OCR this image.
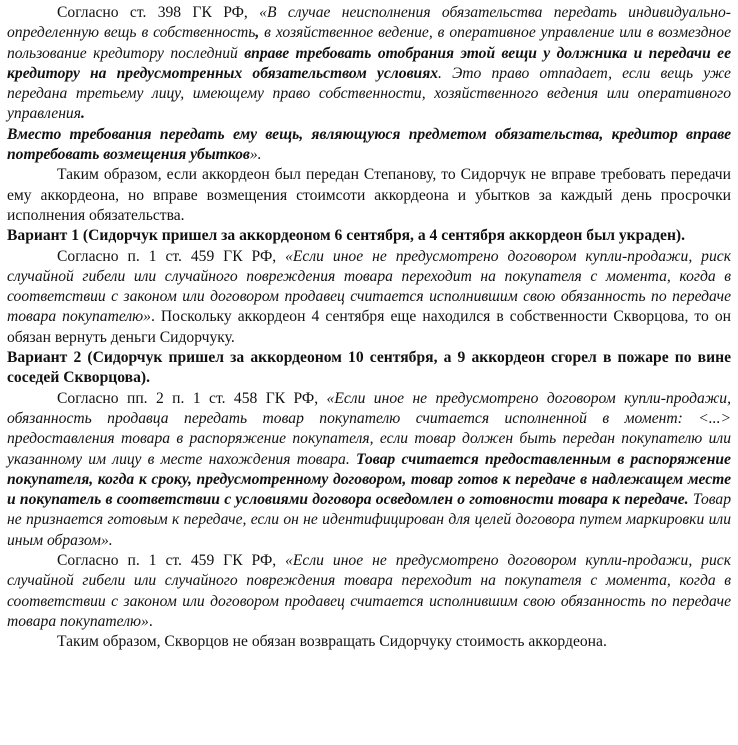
Согласно ст. 398 ГК РФ, «В случае неисполнения обязательства передать индивидуально-определенную вещь в собственность, в хозяйственное ведение, в оперативное управление или в возмездное пользование кредитору последний вправе требовать отобрания этой вещи у должника и передачи ее кредитору на предусмотренных обязательством условиях. Это право отпадает, если вещь уже передана третьему лицу, имеющему право собственности, хозяйственного ведения или оперативного управления.

Вместо требования передать ему вещь, являющуюся предметом обязательства, кредитор вправе потребовать возмещения убытков».

Таким образом, если аккордеон был передан Степанову, то Сидорчук не вправе требовать передачи ему аккордеона, но вправе возмещения стоимсоти аккордеона и убытков за каждый день просрочки исполнения обязательства.

Вариант 1 (Сидорчук пришел за аккордеоном 6 сентября, а 4 сентября аккордеон был украден).

Согласно п. 1 ст. 459 ГК РФ, «Если иное не предусмотрено договором купли-продажи, риск случайной гибели или случайного повреждения товара переходит на покупателя с момента, когда в соответствии с законом или договором продавец считается исполнившим свою обязанность по передаче товара покупателю». Поскольку аккордеон 4 сентября еще находился в собственности Скворцова, то он обязан вернуть деньги Сидорчуку.

Вариант 2 (Сидорчук пришел за аккордеоном 10 сентября, а 9 аккордеон сгорел в пожаре по вине соседей Скворцова).

Согласно пп. 2 п. 1 ст. 458 ГК РФ, «Если иное не предусмотрено договором купли-продажи, обязанность продавца передать товар покупателю считается исполненной в момент: <...> предоставления товара в распоряжение покупателя, если товар должен быть передан покупателю или указанному им лицу в месте нахождения товара. Товар считается предоставленным в распоряжение покупателя, когда к сроку, предусмотренному договором, товар готов к передаче в надлежащем месте и покупатель в соответствии с условиями договора осведомлен о готовности товара к передаче. Товар не признается готовым к передаче, если он не идентифицирован для целей договора путем маркировки или иным образом».

Согласно п. 1 ст. 459 ГК РФ, «Если иное не предусмотрено договором купли-продажи, риск случайной гибели или случайного повреждения товара переходит на покупателя с момента, когда в соответствии с законом или договором продавец считается исполнившим свою обязанность по передаче товара покупателю».

Таким образом, Скворцов не обязан возвращать Сидорчуку стоимость аккордеона.
